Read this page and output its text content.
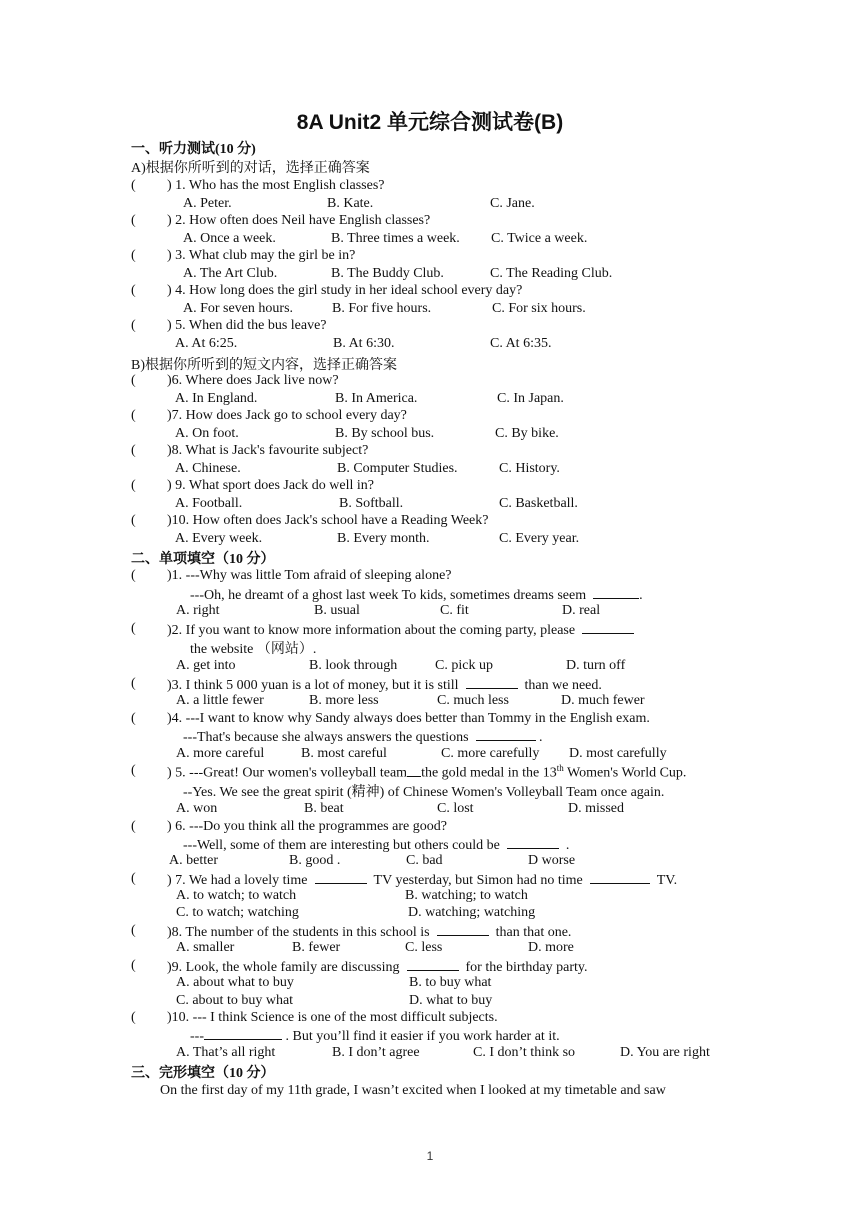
8A Unit2 单元综合测试卷(B)
一、听力测试(10 分)
A)根据你所听到的对话，选择正确答案
( ) 1. Who has the most English classes?
A. Peter.	B. Kate.	C. Jane.
( ) 2. How often does Neil have English classes?
A. Once a week.	B. Three times a week. C. Twice a week.
( ) 3. What club may the girl be in?
A. The Art Club.	B. The Buddy Club.	C. The Reading Club.
( ) 4. How long does the girl study in her ideal school every day?
A. For seven hours.	B. For five hours.	C. For six hours.
( ) 5. When did the bus leave?
A. At 6:25.	B. At 6:30.	C. At 6:35.
B)根据你所听到的短文内容，选择正确答案
( )6. Where does Jack live now?
A. In England.	B. In America.	C. In Japan.
( )7. How does Jack go to school every day?
A. On foot.	B. By school bus.	C. By bike.
( )8. What is Jack's favourite subject?
A. Chinese.	B. Computer Studies.	C. History.
( ) 9. What sport does Jack do well in?
A. Football.	B. Softball.	C. Basketball.
( )10. How often does Jack's school have a Reading Week?
A. Every week.	B. Every month.	C. Every year.
二、单项填空（10 分）
( )1. ---Why was little Tom afraid of sleeping alone?
---Oh, he dreamt of a ghost last week To kids, sometimes dreams seem	.
A. right	B. usual	C. fit	D. real
( )2. If you want to know more information about the coming party, please
the website （网站）.
A. get into	B. look through	C. pick up	D. turn off
( )3. I think 5 000 yuan is a lot of money, but it is still	than we need.
A. a little fewer	B. more less	C. much less	D. much fewer
( )4. ---I want to know why Sandy always does better than Tommy in the English exam.
---That's because she always answers the questions	.
A. more careful	B. most careful	C. more carefully D. most carefully
( ) 5. ---Great! Our women's volleyball team the gold medal in the 13th Women's World Cup.
--Yes. We see the great spirit (精神) of Chinese Women's Volleyball Team once again.
A. won	B. beat	C. lost	D. missed
( ) 6. ---Do you think all the programmes are good?
---Well, some of them are interesting but others could be	.
A. better	B. good .	C. bad	D worse
( ) 7. We had a lovely time	TV yesterday, but Simon had no time	TV.
A. to watch; to watch	B. watching; to watch
C. to watch; watching	D. watching; watching
( )8. The number of the students in this school is	than that one.
A. smaller	B. fewer	C. less	D. more
( )9. Look, the whole family are discussing	for the birthday party.
A. about what to buy	B. to buy what
C. about to buy what	D. what to buy
( )10. --- I think Science is one of the most difficult subjects.
---	. But you’ll find it easier if you work harder at it.
A. That’s all right	B. I don’t agree	C. I don’t think so	D. You are right
三、完形填空（10 分）
On the first day of my 11th grade, I wasn’t excited when I looked at my timetable and saw
1
